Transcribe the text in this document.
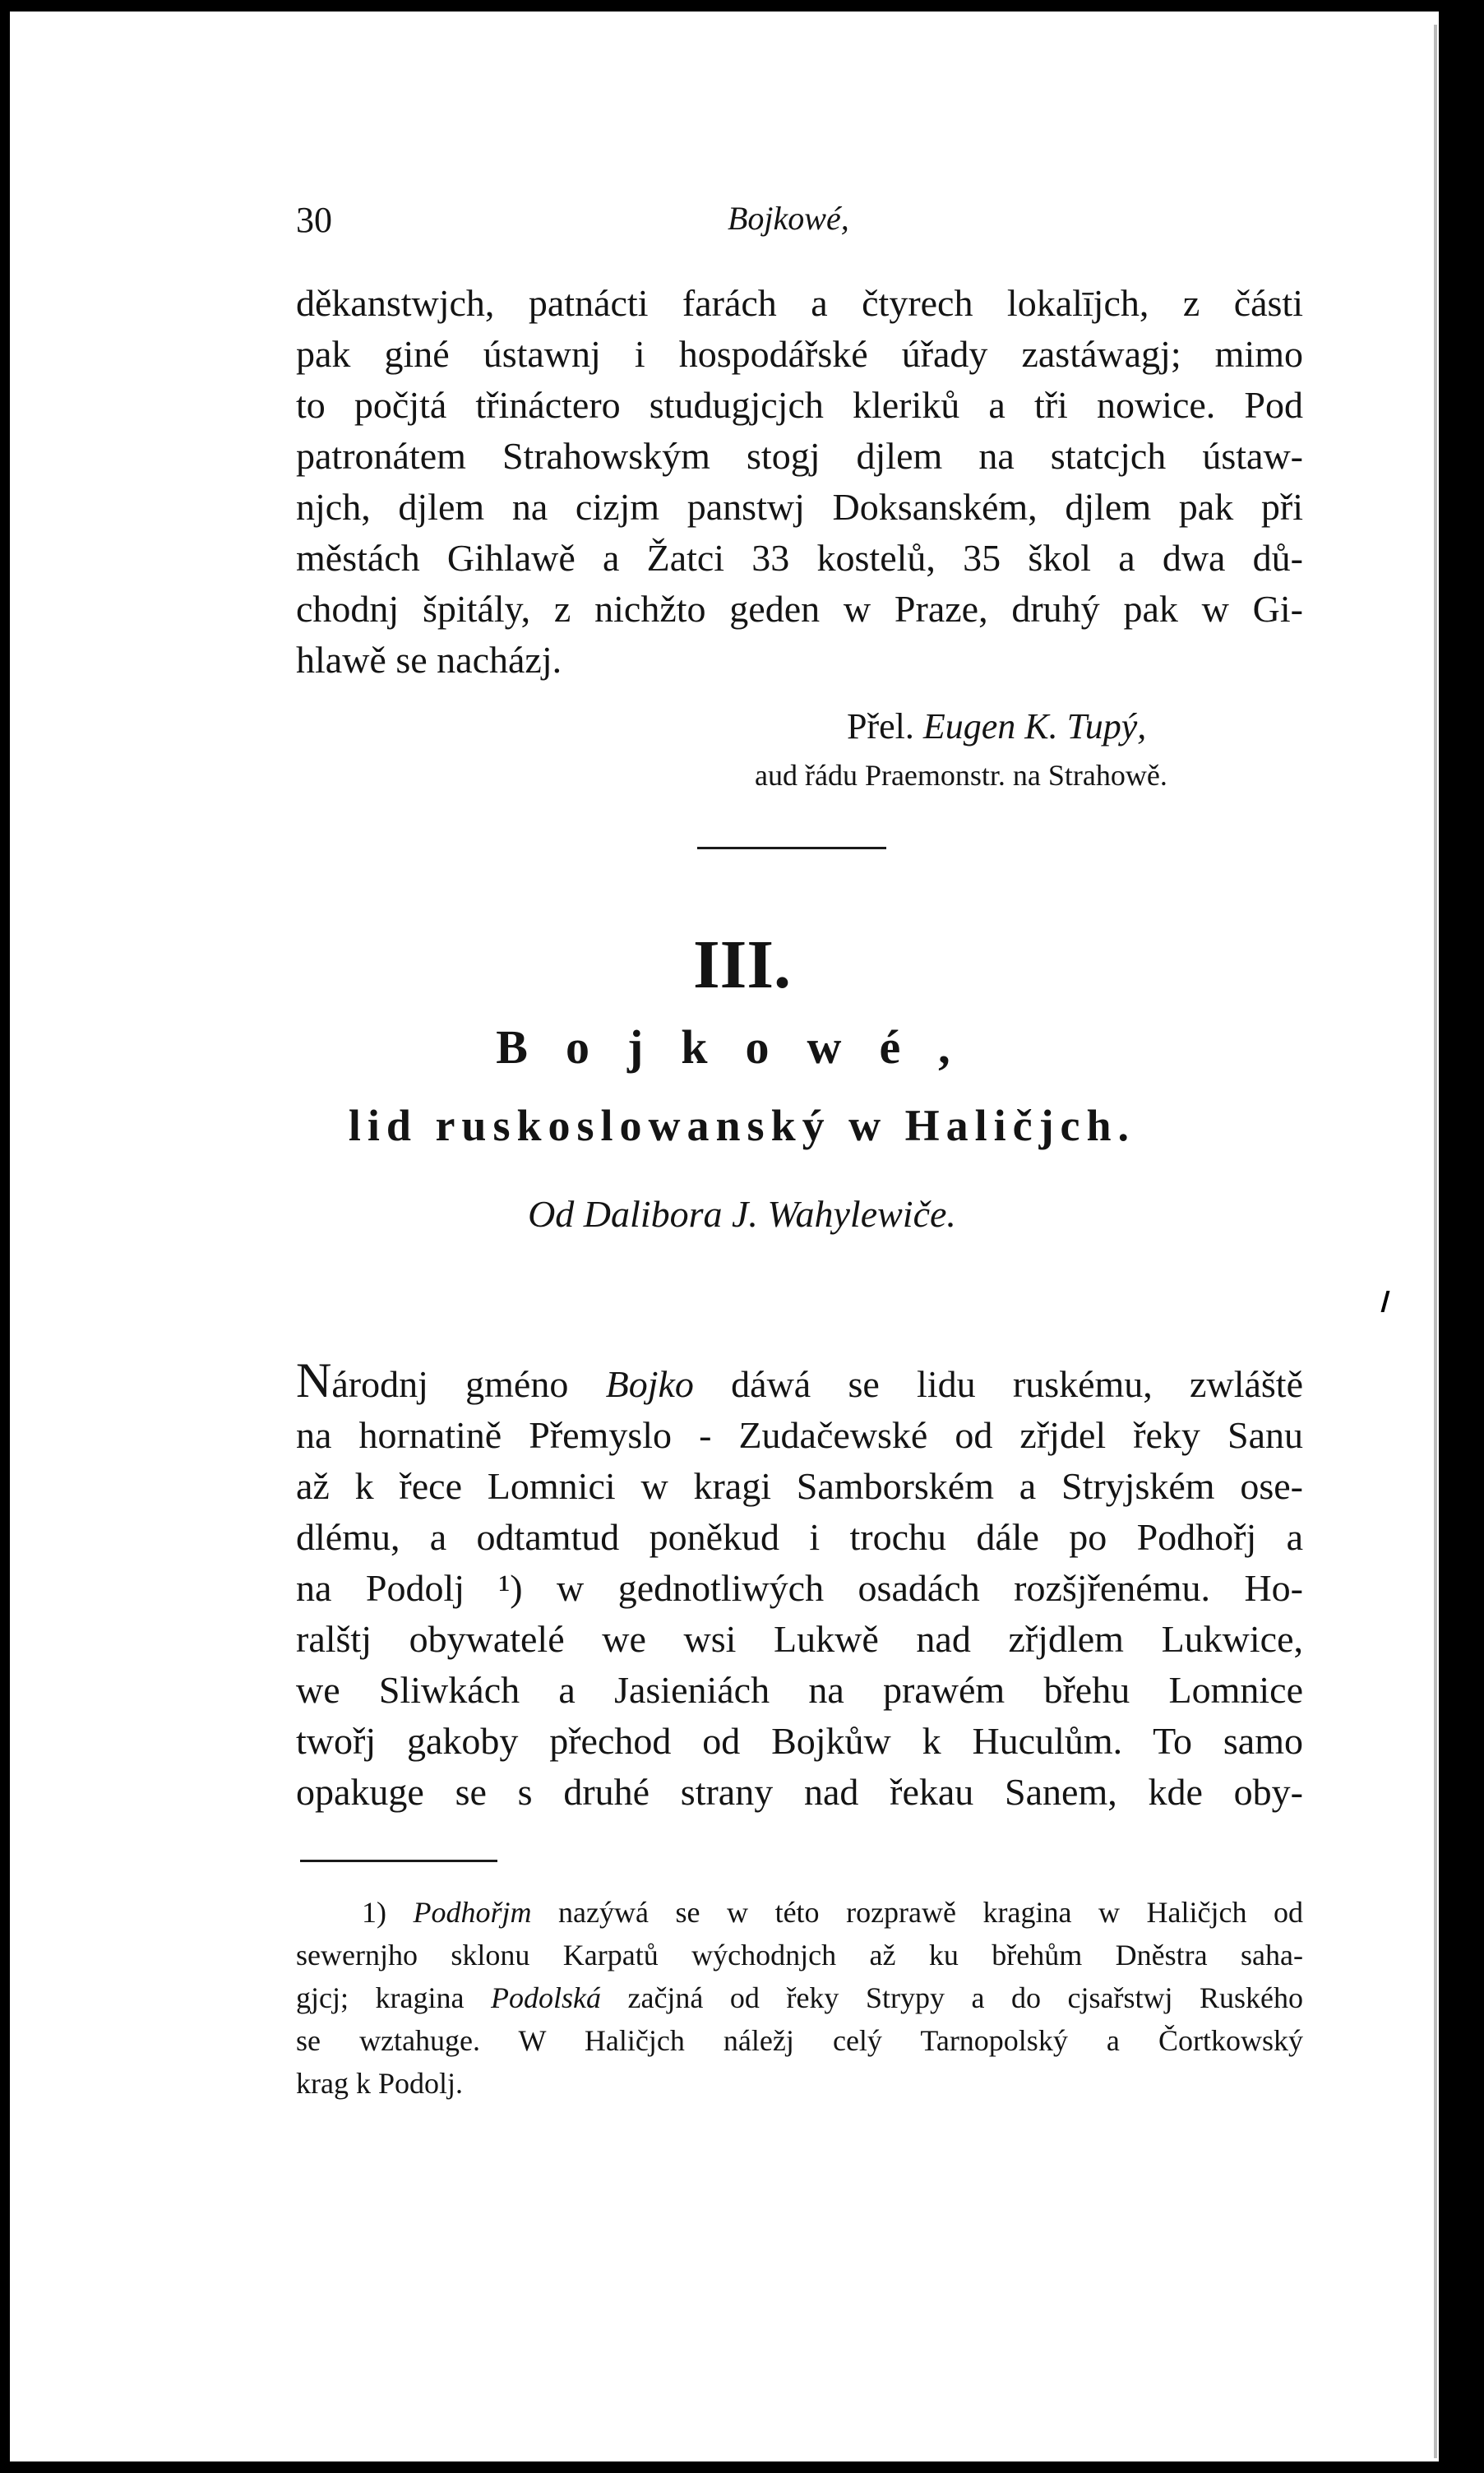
30	Bojkowé,
děkanstwjch, patnácti farách a čtyrech lokalījch, z části
pak giné ústawnj i hospodářské úřady zastáwagj; mimo
to počjtá třináctero studugjcjch kleriků a tři nowice. Pod
patronátem Strahowským stogj djlem na statcjch ústaw-
njch, djlem na cizjm panstwj Doksanském, djlem pak při
městách Gihlawě a Žatci 33 kostelů, 35 škol a dwa dů-
chodnj špitály, z nichžto geden w Praze, druhý pak w Gi-
hlawě se nacházj.
Přel. Eugen K. Tupý,
aud řádu Praemonstr. na Strahowě.
III.
Bojkowé,
lid ruskoslowanský w Haličjch.
Od Dalibora J. Wahylewiče.
Národnj gméno Bojko dáwá se lidu ruskému, zwláště
na hornatině Přemyslo - Zudačewské od zřjdel řeky Sanu
až k řece Lomnici w kragi Samborském a Stryjském ose-
dlému, a odtamtud poněkud i trochu dále po Podhořj a
na Podolj ¹) w gednotliwých osadách rozšjřenému. Ho-
ralštj obywatelé we wsi Lukwě nad zřjdlem Lukwice,
we Sliwkách a Jasieniách na prawém břehu Lomnice
twořj gakoby přechod od Bojkůw k Huculům. To samo
opakuge se s druhé strany nad řekau Sanem, kde oby-
1) Podhořjm nazýwá se w této rozprawě kragina w Haličjch od
sewernjho sklonu Karpatů wýchodnjch až ku břehům Dněstra saha-
gjcj; kragina Podolská začjná od řeky Strypy a do cjsařstwj Ruského
se wztahuge. W Haličjch náležj celý Tarnopolský a Čortkowský
krag k Podolj.
